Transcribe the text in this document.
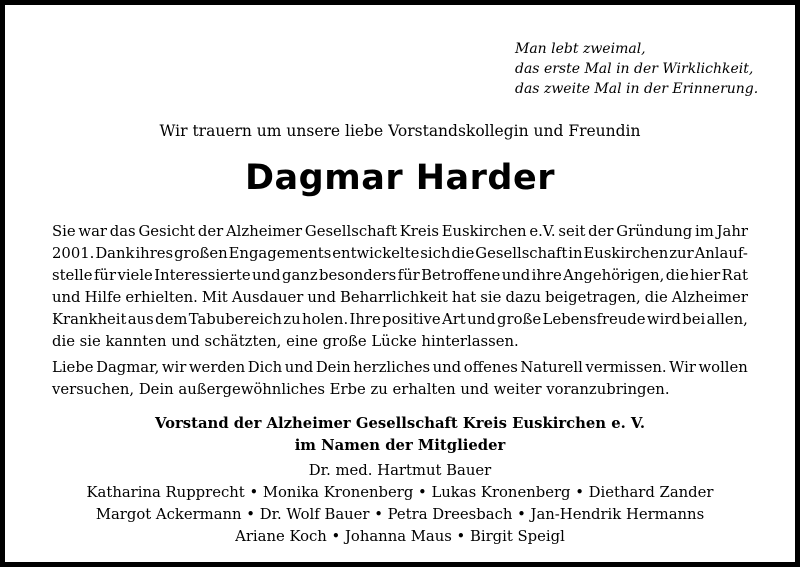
Man lebt zweimal,
das erste Mal in der Wirklichkeit,
das zweite Mal in der Erinnerung.
Wir trauern um unsere liebe Vorstandskollegin und Freundin
Dagmar Harder
Sie war das Gesicht der Alzheimer Gesellschaft Kreis Euskirchen e.V. seit der Gründung im Jahr
2001. Dank ihres großen Engagements entwickelte sich die Gesellschaft in Euskirchen zur Anlauf-
stelle für viele Interessierte und ganz besonders für Betroffene und ihre Angehörigen, die hier Rat
und Hilfe erhielten. Mit Ausdauer und Beharrlichkeit hat sie dazu beigetragen, die Alzheimer
Krankheit aus dem Tabubereich zu holen. Ihre positive Art und große Lebensfreude wird bei allen,
die sie kannten und schätzten, eine große Lücke hinterlassen.
Liebe Dagmar, wir werden Dich und Dein herzliches und offenes Naturell vermissen. Wir wollen
versuchen, Dein außergewöhnliches Erbe zu erhalten und weiter voranzubringen.
Vorstand der Alzheimer Gesellschaft Kreis Euskirchen e. V.
im Namen der Mitglieder
Dr. med. Hartmut Bauer
Katharina Rupprecht • Monika Kronenberg • Lukas Kronenberg • Diethard Zander
Margot Ackermann • Dr. Wolf Bauer • Petra Dreesbach • Jan-Hendrik Hermanns
Ariane Koch • Johanna Maus • Birgit Speigl
